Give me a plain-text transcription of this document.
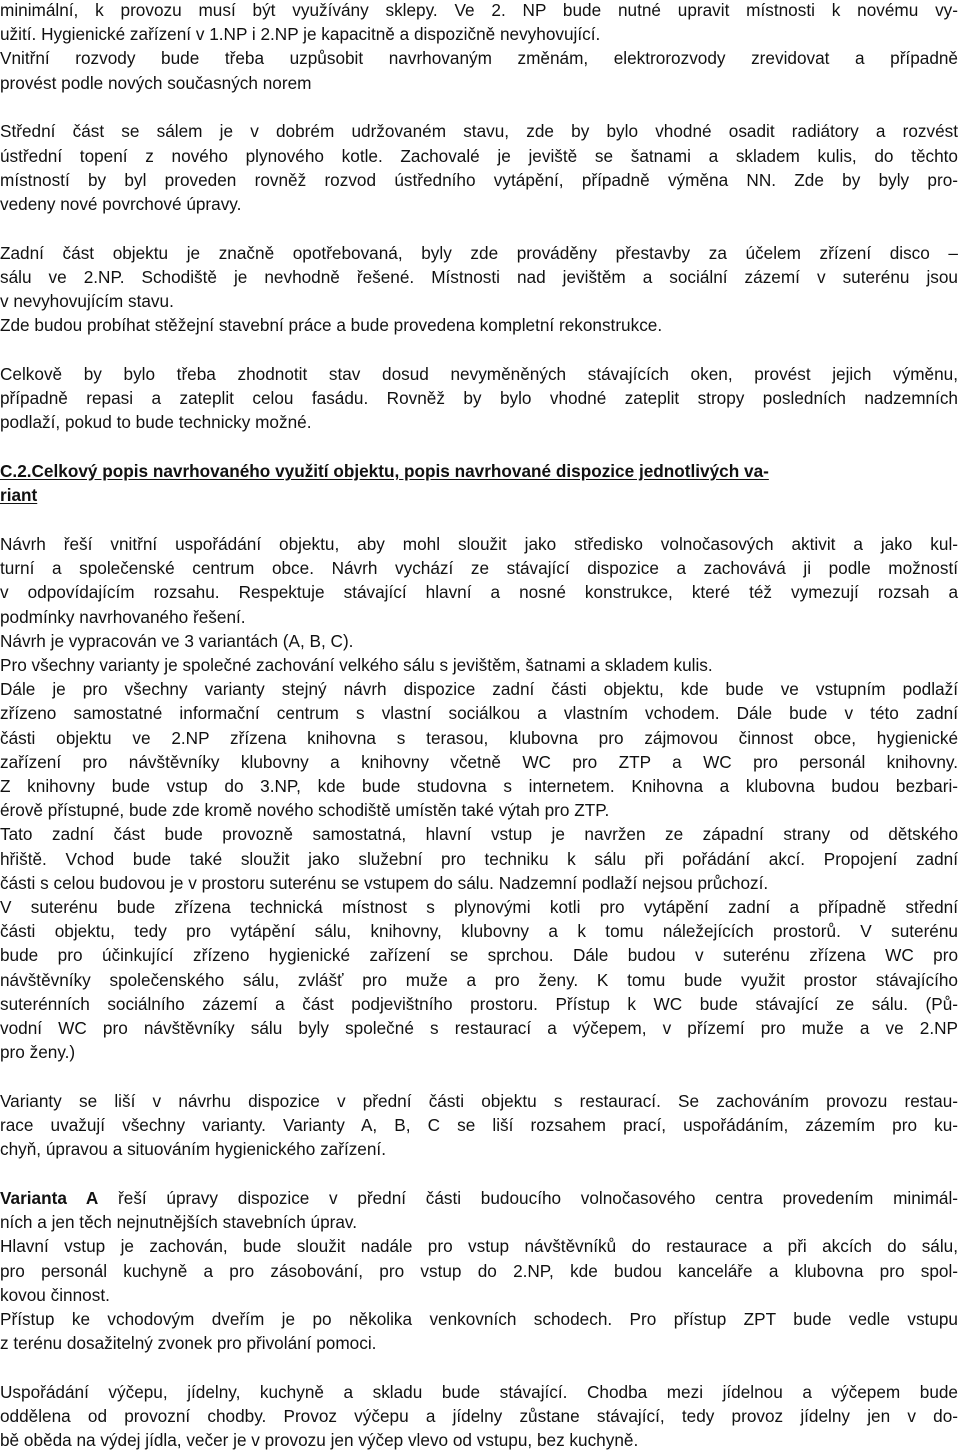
minimální, k provozu musí být využívány sklepy. Ve 2. NP bude nutné upravit místnosti k novému vy-
užití. Hygienické zařízení v 1.NP i 2.NP je kapacitně a dispozičně nevyhovující.
Vnitřní rozvody bude třeba uzpůsobit navrhovaným změnám, elektrorozvody zrevidovat a případně
provést podle nových současných norem

Střední část se sálem je v dobrém udržovaném stavu, zde by bylo vhodné osadit radiátory a rozvést
ústřední topení z nového plynového kotle. Zachovalé je jeviště se šatnami a skladem kulis, do těchto
místností by byl proveden rovněž rozvod ústředního vytápění, případně výměna NN. Zde by byly pro-
vedeny nové povrchové úpravy.

Zadní část objektu je značně opotřebovaná, byly zde prováděny přestavby za účelem zřízení disco –
sálu ve 2.NP. Schodiště je nevhodně řešené. Místnosti nad jevištěm a sociální zázemí v suterénu jsou
v nevyhovujícím stavu.
Zde budou probíhat stěžejní stavební práce a bude provedena kompletní rekonstrukce.

Celkově by bylo třeba zhodnotit stav dosud nevyměněných stávajících oken, provést jejich výměnu,
případně repasi a zateplit celou fasádu. Rovněž by bylo vhodné zateplit stropy posledních nadzemních
podlaží, pokud to bude technicky možné.

C.2.Celkový popis navrhovaného využití objektu, popis navrhované dispozice jednotlivých va-
riant

Návrh řeší vnitřní uspořádání objektu, aby mohl sloužit jako středisko volnočasových aktivit a jako kul-
turní a společenské centrum obce. Návrh vychází ze stávající dispozice a zachovává ji podle možností
v odpovídajícím rozsahu. Respektuje stávající hlavní a nosné konstrukce, které též vymezují rozsah a
podmínky navrhovaného řešení.
Návrh je vypracován ve 3 variantách (A, B, C).
Pro všechny varianty je společné zachování velkého sálu s jevištěm, šatnami a skladem kulis.
Dále je pro všechny varianty stejný návrh dispozice zadní části objektu, kde bude ve vstupním podlaží
zřízeno samostatné informační centrum s vlastní sociálkou a vlastním vchodem. Dále bude v této zadní
části objektu ve 2.NP zřízena knihovna s terasou, klubovna pro zájmovou činnost obce, hygienické
zařízení pro návštěvníky klubovny a knihovny včetně WC pro ZTP a WC pro personál knihovny.
Z knihovny bude vstup do 3.NP, kde bude studovna s internetem. Knihovna a klubovna budou bezbari-
érově přístupné, bude zde kromě nového schodiště umístěn také výtah pro ZTP.
Tato zadní část bude provozně samostatná, hlavní vstup je navržen ze západní strany od dětského
hřiště. Vchod bude také sloužit jako služební pro techniku k sálu při pořádání akcí. Propojení zadní
části s celou budovou je v prostoru suterénu se vstupem do sálu. Nadzemní podlaží nejsou průchozí.
V suterénu bude zřízena technická místnost s plynovými kotli pro vytápění zadní a případně střední
části objektu, tedy pro vytápění sálu, knihovny, klubovny a k tomu náležejících prostorů. V suterénu
bude pro účinkující zřízeno hygienické zařízení se sprchou. Dále budou v suterénu zřízena WC pro
návštěvníky společenského sálu, zvlášť pro muže a pro ženy. K tomu bude využit prostor stávajícího
suterénních sociálního zázemí a část podjevištního prostoru. Přístup k WC bude stávající ze sálu. (Pů-
vodní WC pro návštěvníky sálu byly společné s restaurací a výčepem, v přízemí pro muže a ve 2.NP
pro ženy.)

Varianty se liší v návrhu dispozice v přední části objektu s restaurací. Se zachováním provozu restau-
race uvažují všechny varianty. Varianty A, B, C se liší rozsahem prací, uspořádáním, zázemím pro ku-
chyň, úpravou a situováním hygienického zařízení.

Varianta A řeší úpravy dispozice v přední části budoucího volnočasového centra provedením minimál-
ních a jen těch nejnutnějších stavebních úprav.
Hlavní vstup je zachován, bude sloužit nadále pro vstup návštěvníků do restaurace a při akcích do sálu,
pro personál kuchyně a pro zásobování, pro vstup do 2.NP, kde budou kanceláře a klubovna pro spol-
kovou činnost.
Přístup ke vchodovým dveřím je po několika venkovních schodech. Pro přístup ZPT bude vedle vstupu
z terénu dosažitelný zvonek pro přivolání pomoci.

Uspořádání výčepu, jídelny, kuchyně a skladu bude stávající. Chodba mezi jídelnou a výčepem bude
oddělena od provozní chodby. Provoz výčepu a jídelny zůstane stávající, tedy provoz jídelny jen v do-
bě oběda na výdej jídla, večer je v provozu jen výčep vlevo od vstupu, bez kuchyně.
